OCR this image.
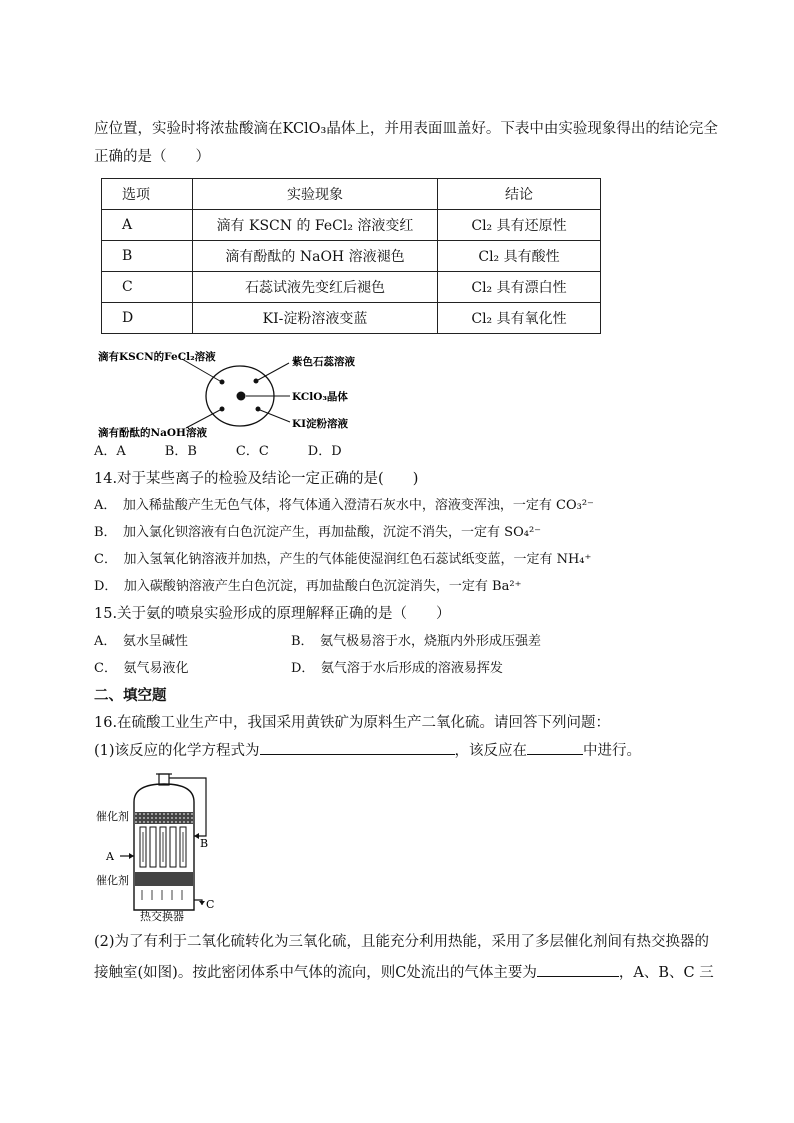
应位置，实验时将浓盐酸滴在KClO₃晶体上，并用表面皿盖好。下表中由实验现象得出的结论完全
正确的是（　　）
选项	实验现象	结论
A	滴有 KSCN 的 FeCl₂ 溶液变红	Cl₂ 具有还原性
B	滴有酚酞的 NaOH 溶液褪色	Cl₂ 具有酸性
C	石蕊试液先变红后褪色	Cl₂ 具有漂白性
D	KI-淀粉溶液变蓝	Cl₂ 具有氧化性
滴有KSCN的FeCl₂溶液	紫色石蕊溶液
KClO₃晶体
KI淀粉溶液
滴有酚酞的NaOH溶液
A．A　　　B．B　　　C．C　　　D．D
14.对于某些离子的检验及结论一定正确的是(　　)
A．　加入稀盐酸产生无色气体，将气体通入澄清石灰水中，溶液变浑浊，一定有 CO₃²⁻
B．　加入氯化钡溶液有白色沉淀产生，再加盐酸，沉淀不消失，一定有 SO₄²⁻
C．　加入氢氧化钠溶液并加热，产生的气体能使湿润红色石蕊试纸变蓝，一定有 NH₄⁺
D．　加入碳酸钠溶液产生白色沉淀，再加盐酸白色沉淀消失，一定有 Ba²⁺
15.关于氨的喷泉实验形成的原理解释正确的是（　　）
A．　氨水呈碱性	B．　氨气极易溶于水，烧瓶内外形成压强差
C．　氨气易液化	D．　氨气溶于水后形成的溶液易挥发
二、填空题
16.在硫酸工业生产中，我国采用黄铁矿为原料生产二氧化硫。请回答下列问题：
(1)该反应的化学方程式为	，该反应在	中进行。
催化剂
A
B
催化剂
C
热交换器
(2)为了有利于二氧化硫转化为三氧化硫，且能充分利用热能，采用了多层催化剂间有热交换器的
接触室(如图)。按此密闭体系中气体的流向，则C处流出的气体主要为	，A、B、C 三
